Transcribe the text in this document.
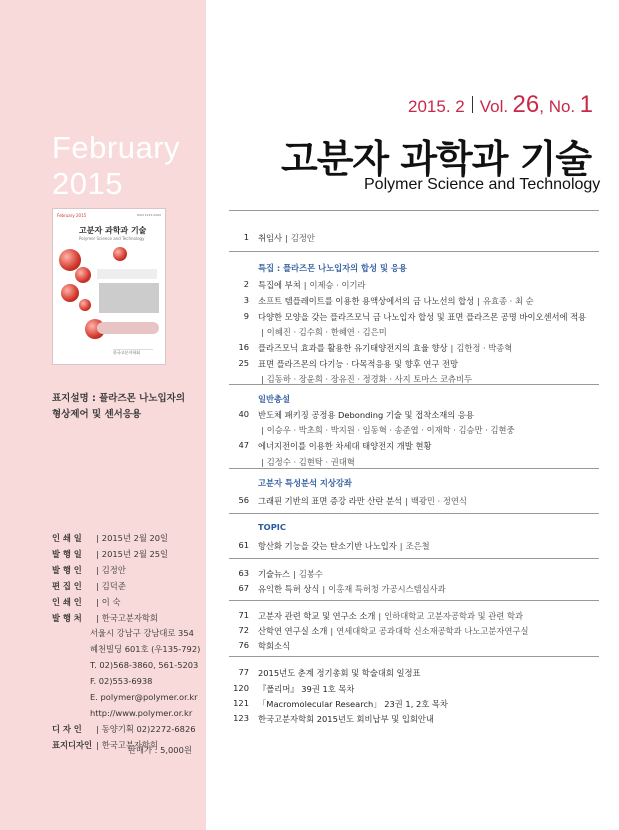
February
2015
February 2015	ISSN 1225-0260
고분자 과학과 기술
Polymer Science and Technology
한국고분자학회
표지설명 : 플라즈몬 나노입자의
형상제어 및 센서응용
인 쇄 일	| 2015년 2월 20일
발 행 일	| 2015년 2월 25일
발 행 인	| 김정안
편 집 인	| 김덕준
인 쇄 인	| 이 숙
발 행 처	| 한국고분자학회
서울시 강남구 강남대로 354
혜천빌딩 601호 (우135-792)
T. 02)568-3860, 561-5203
F. 02)553-6938
E. polymer@polymer.or.kr
http://www.polymer.or.kr
디 자 인	| 동양기획 02)2272-6826
표지디자인 | 한국고분자학회
판매가 : 5,000원
2015. 2 Vol. 26, No. 1
고분자 과학과 기술
Polymer Science and Technology
1 취임사 | 김정안
특집 : 플라즈몬 나노입자의 합성 및 응용
2 특집에 부쳐 | 이제승 · 이기라
3 소프트 템플레이트를 이용한 용액상에서의 금 나노선의 합성 | 유효종 · 최 순
9 다양한 모양을 갖는 플라즈모닉 금 나노입자 합성 및 표면 플라즈몬 공명 바이오센서에 적용
| 이혜진 · 김수희 · 한혜연 · 김은미
16 플라즈모닉 효과를 활용한 유기태양전지의 효율 향상 | 김한정 · 박종혁
25 표면 플라즈몬의 다기능 · 다목적응용 및 향후 연구 전망
| 김동하 · 장윤희 · 장유진 · 정경화 · 사지 토마스 코츄비두
일반총설
40 반도체 패키징 공정용 Debonding 기술 및 접착소재의 응용
| 이승우 · 박초희 · 박지원 · 임동혁 · 송준엽 · 이재학 · 김승만 · 김현중
47 에너지전이를 이용한 차세대 태양전지 개발 현황
| 김정수 · 김현탁 · 권대혁
고분자 특성분석 지상강좌
56 그래핀 기반의 표면 증강 라만 산란 분석 | 백광민 · 정연식
TOPIC
61 항산화 기능을 갖는 탄소기반 나노입자 | 조은철
63 기술뉴스 | 김봉수
67 유익한 특허 상식 | 이홍재 특허청 가공시스템심사과
71 고분자 관련 학교 및 연구소 소개 | 인하대학교 고분자공학과 및 관련 학과
72 산학연 연구실 소개 | 연세대학교 공과대학 신소재공학과 나노고분자연구실
76 학회소식
77 2015년도 춘계 정기총회 및 학술대회 일정표
120 『폴리머』 39권 1호 목차
121 「Macromolecular Research」 23권 1, 2호 목차
123 한국고분자학회 2015년도 회비납부 및 입회안내
